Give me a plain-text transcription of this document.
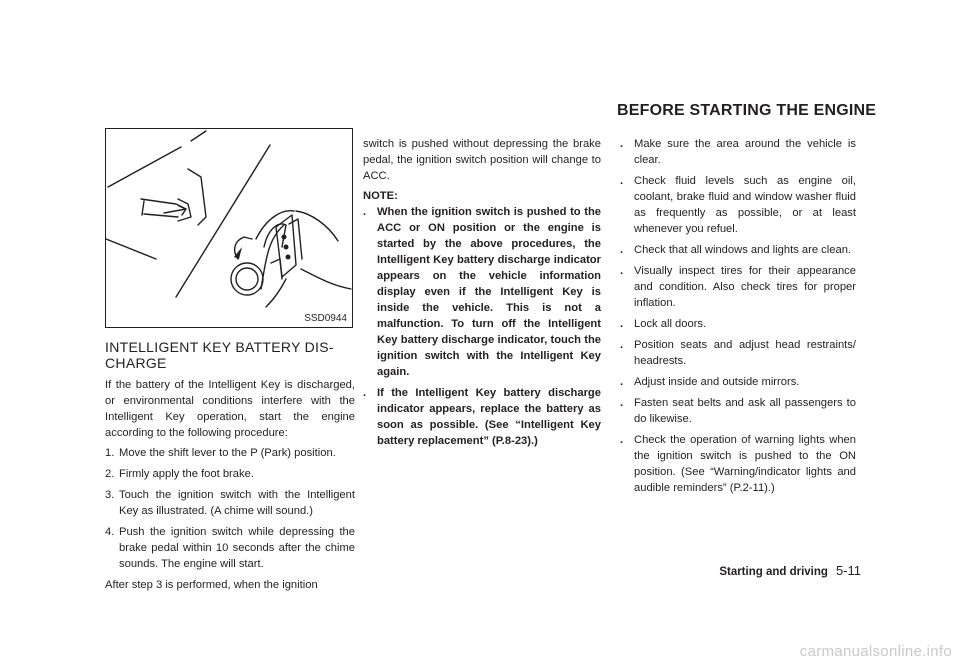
BEFORE STARTING THE ENGINE
SSD0944
INTELLIGENT KEY BATTERY DIS-
CHARGE

If the battery of the Intelligent Key is discharged, or environmental conditions interfere with the Intelligent Key operation, start the engine according to the following procedure:

1. Move the shift lever to the P (Park) position.
2. Firmly apply the foot brake.
3. Touch the ignition switch with the Intelligent Key as illustrated. (A chime will sound.)
4. Push the ignition switch while depressing the brake pedal within 10 seconds after the chime sounds. The engine will start.

After step 3 is performed, when the ignition

switch is pushed without depressing the brake pedal, the ignition switch position will change to ACC.

NOTE:
. When the ignition switch is pushed to the ACC or ON position or the engine is started by the above procedures, the Intelligent Key battery discharge indicator appears on the vehicle information display even if the Intelligent Key is inside the vehicle. This is not a malfunction. To turn off the Intelligent Key battery discharge indicator, touch the ignition switch with the Intelligent Key again.
. If the Intelligent Key battery discharge indicator appears, replace the battery as soon as possible. (See “Intelligent Key battery replacement” (P.8-23).)
. Make sure the area around the vehicle is clear.
. Check fluid levels such as engine oil, coolant, brake fluid and window washer fluid as frequently as possible, or at least whenever you refuel.
. Check that all windows and lights are clean.
. Visually inspect tires for their appearance and condition. Also check tires for proper inflation.
. Lock all doors.
. Position seats and adjust head restraints/ headrests.
. Adjust inside and outside mirrors.
. Fasten seat belts and ask all passengers to do likewise.
. Check the operation of warning lights when the ignition switch is pushed to the ON position. (See “Warning/indicator lights and audible reminders” (P.2-11).)
Starting and driving 5-11
carmanualsonline.info
